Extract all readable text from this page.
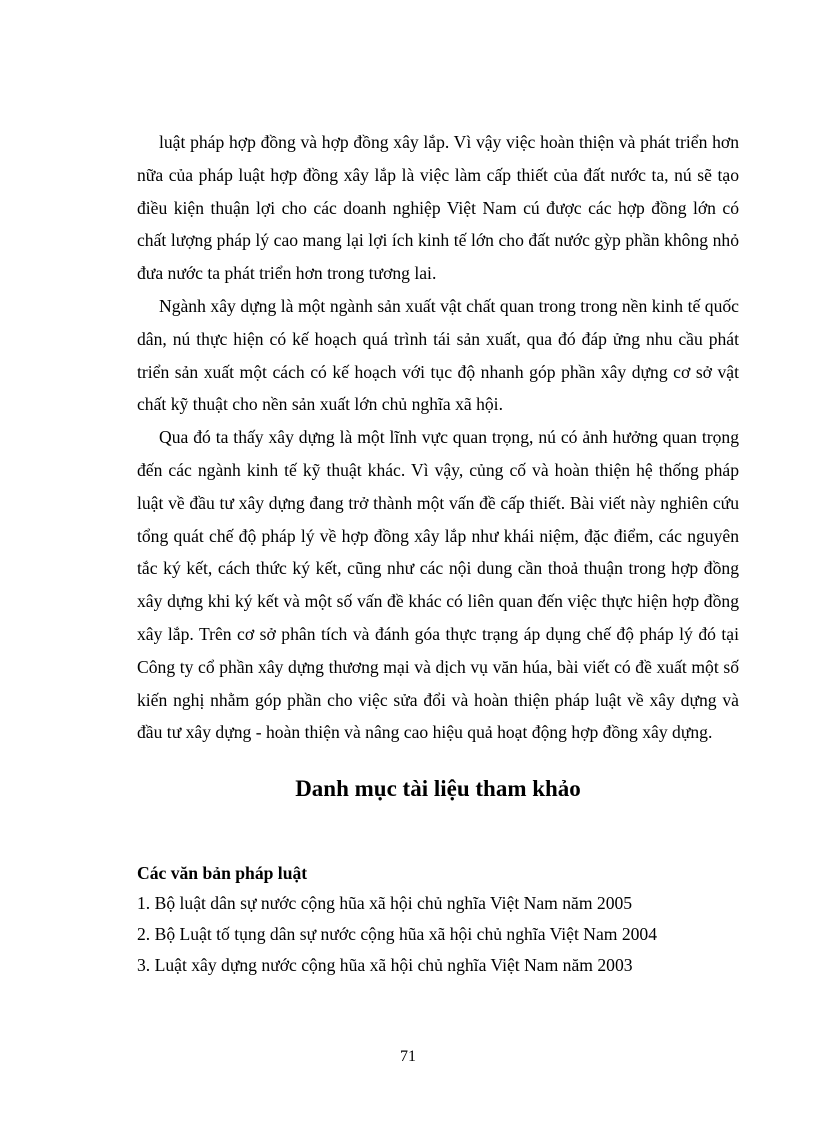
luật pháp hợp đồng và hợp đồng xây lắp. Vì vậy việc hoàn thiện và phát triển hơn nữa của pháp luật hợp đồng xây lắp là việc làm cấp thiết của đất nước ta, nú sẽ tạo điều kiện thuận lợi cho các doanh nghiệp Việt Nam cú được các hợp đồng lớn có chất lượng pháp lý cao mang lại lợi ích kinh tế lớn cho đất nước gỳp phần không nhỏ đưa nước ta phát triển hơn trong tương lai.

Ngành xây dựng là một ngành sản xuất vật chất quan trong trong nền kinh tế quốc dân, nú thực hiện có kế hoạch quá trình tái sản xuất, qua đó đáp ửng nhu cầu phát triển sản xuất một cách có kế hoạch với tục độ nhanh góp phần xây dựng cơ sở vật chất kỹ thuật cho nền sản xuất lớn chủ nghĩa xã hội.

Qua đó ta thấy xây dựng là một lĩnh vực quan trọng, nú có ảnh hưởng quan trọng đến các ngành kinh tế kỹ thuật khác. Vì vậy, củng cố và hoàn thiện hệ thống pháp luật về đầu tư xây dựng đang trở thành một vấn đề cấp thiết. Bài viết này nghiên cứu tổng quát chế độ pháp lý về hợp đồng xây lắp như khái niệm, đặc điểm, các nguyên tắc ký kết, cách thức ký kết, cũng như các nội dung cần thoả thuận trong hợp đồng xây dựng khi ký kết và một số vấn đề khác có liên quan đến việc thực hiện hợp đồng xây lắp. Trên cơ sở phân tích và đánh góa thực trạng áp dụng chế độ pháp lý đó tại Công ty cổ phần xây dựng thương mại và dịch vụ văn húa, bài viết có đề xuất một số kiến nghị nhằm góp phần cho việc sửa đổi và hoàn thiện pháp luật về xây dựng và đầu tư xây dựng - hoàn thiện và nâng cao hiệu quả hoạt động hợp đồng xây dựng.

Danh mục tài liệu tham khảo
Các văn bản pháp luật
1. Bộ luật dân sự nước cộng hũa xã hội chủ nghĩa Việt Nam năm 2005
2. Bộ Luật tố tụng dân sự nước cộng hũa xã hội chủ nghĩa Việt Nam 2004
3. Luật xây dựng nước cộng hũa xã hội chủ nghĩa Việt Nam năm 2003
71
